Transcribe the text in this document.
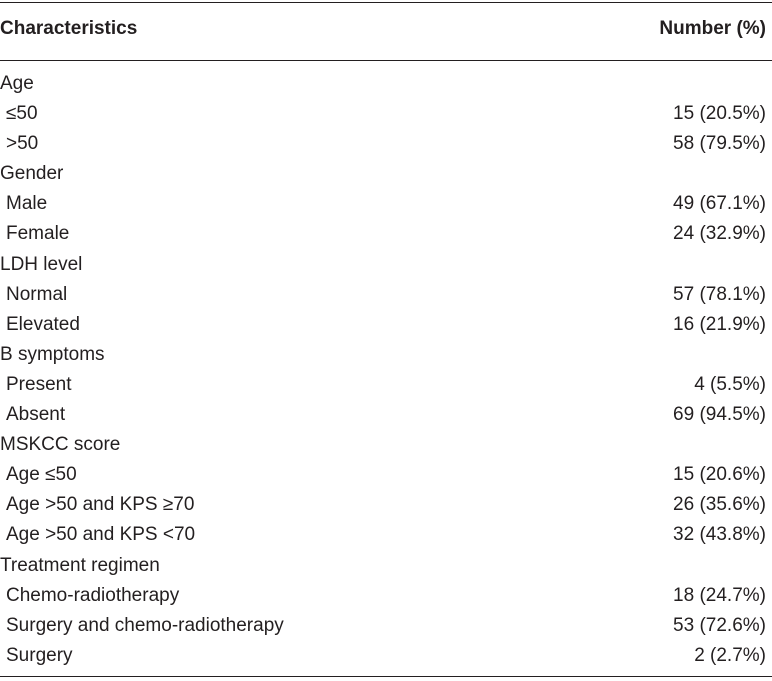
Characteristics	Number (%)
Age
≤50	15 (20.5%)
>50	58 (79.5%)
Gender
Male	49 (67.1%)
Female	24 (32.9%)
LDH level
Normal	57 (78.1%)
Elevated	16 (21.9%)
B symptoms
Present	4 (5.5%)
Absent	69 (94.5%)
MSKCC score
Age ≤50	15 (20.6%)
Age >50 and KPS ≥70	26 (35.6%)
Age >50 and KPS <70	32 (43.8%)
Treatment regimen
Chemo-radiotherapy	18 (24.7%)
Surgery and chemo-radiotherapy	53 (72.6%)
Surgery	2 (2.7%)
